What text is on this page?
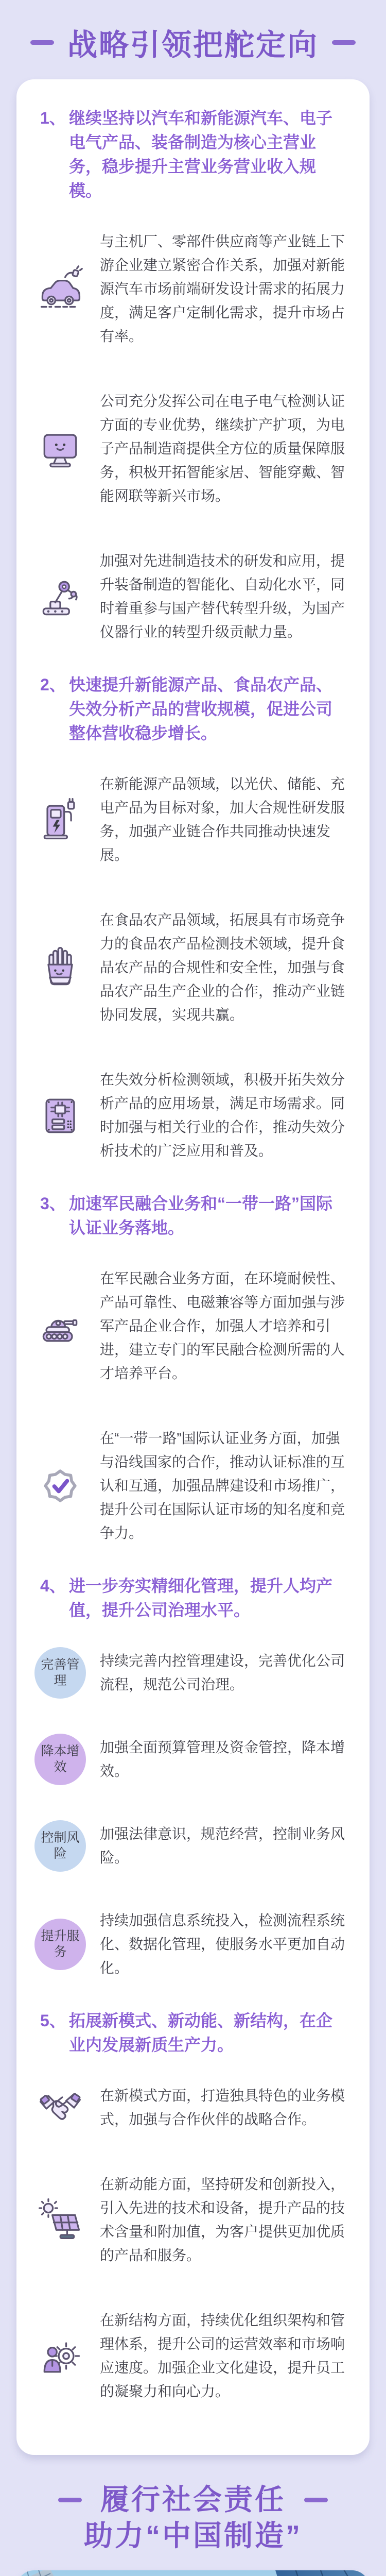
战略引领把舵定向
1、 继续坚持以汽车和新能源汽车、电子电气产品、装备制造为核心主营业务，稳步提升主营业务营业收入规模。

与主机厂、零部件供应商等产业链上下游企业建立紧密合作关系，加强对新能源汽车市场前端研发设计需求的拓展力度，满足客户定制化需求，提升市场占有率。

公司充分发挥公司在电子电气检测认证方面的专业优势，继续扩产扩项，为电子产品制造商提供全方位的质量保障服务，积极开拓智能家居、智能穿戴、智能网联等新兴市场。

加强对先进制造技术的研发和应用，提升装备制造的智能化、自动化水平，同时着重参与国产替代转型升级，为国产仪器行业的转型升级贡献力量。

2、 快速提升新能源产品、食品农产品、失效分析产品的营收规模，促进公司整体营收稳步增长。

在新能源产品领域，以光伏、储能、充电产品为目标对象，加大合规性研发服务，加强产业链合作共同推动快速发展。

在食品农产品领域，拓展具有市场竞争力的食品农产品检测技术领域，提升食品农产品的合规性和安全性，加强与食品农产品生产企业的合作，推动产业链协同发展，实现共赢。

在失效分析检测领域，积极开拓失效分析产品的应用场景，满足市场需求。同时加强与相关行业的合作，推动失效分析技术的广泛应用和普及。

3、 加速军民融合业务和“一带一路”国际认证业务落地。

在军民融合业务方面，在环境耐候性、产品可靠性、电磁兼容等方面加强与涉军产品企业合作，加强人才培养和引进，建立专门的军民融合检测所需的人才培养平台。

在“一带一路”国际认证业务方面，加强与沿线国家的合作，推动认证标准的互认和互通，加强品牌建设和市场推广，提升公司在国际认证市场的知名度和竞争力。

4、 进一步夯实精细化管理，提升人均产值，提升公司治理水平。
完善管理

持续完善内控管理建设，完善优化公司流程，规范公司治理。

降本增效

加强全面预算管理及资金管控，降本增效。

控制风险

加强法律意识，规范经营，控制业务风险。

提升服务

持续加强信息系统投入，检测流程系统化、数据化管理，使服务水平更加自动化。

5、 拓展新模式、新动能、新结构，在企业内发展新质生产力。

在新模式方面，打造独具特色的业务模式，加强与合作伙伴的战略合作。

在新动能方面，坚持研发和创新投入，引入先进的技术和设备，提升产品的技术含量和附加值，为客户提供更加优质的产品和服务。

在新结构方面，持续优化组织架构和管理体系，提升公司的运营效率和市场响应速度。加强企业文化建设，提升员工的凝聚力和向心力。

履行社会责任
助力“中国制造”
